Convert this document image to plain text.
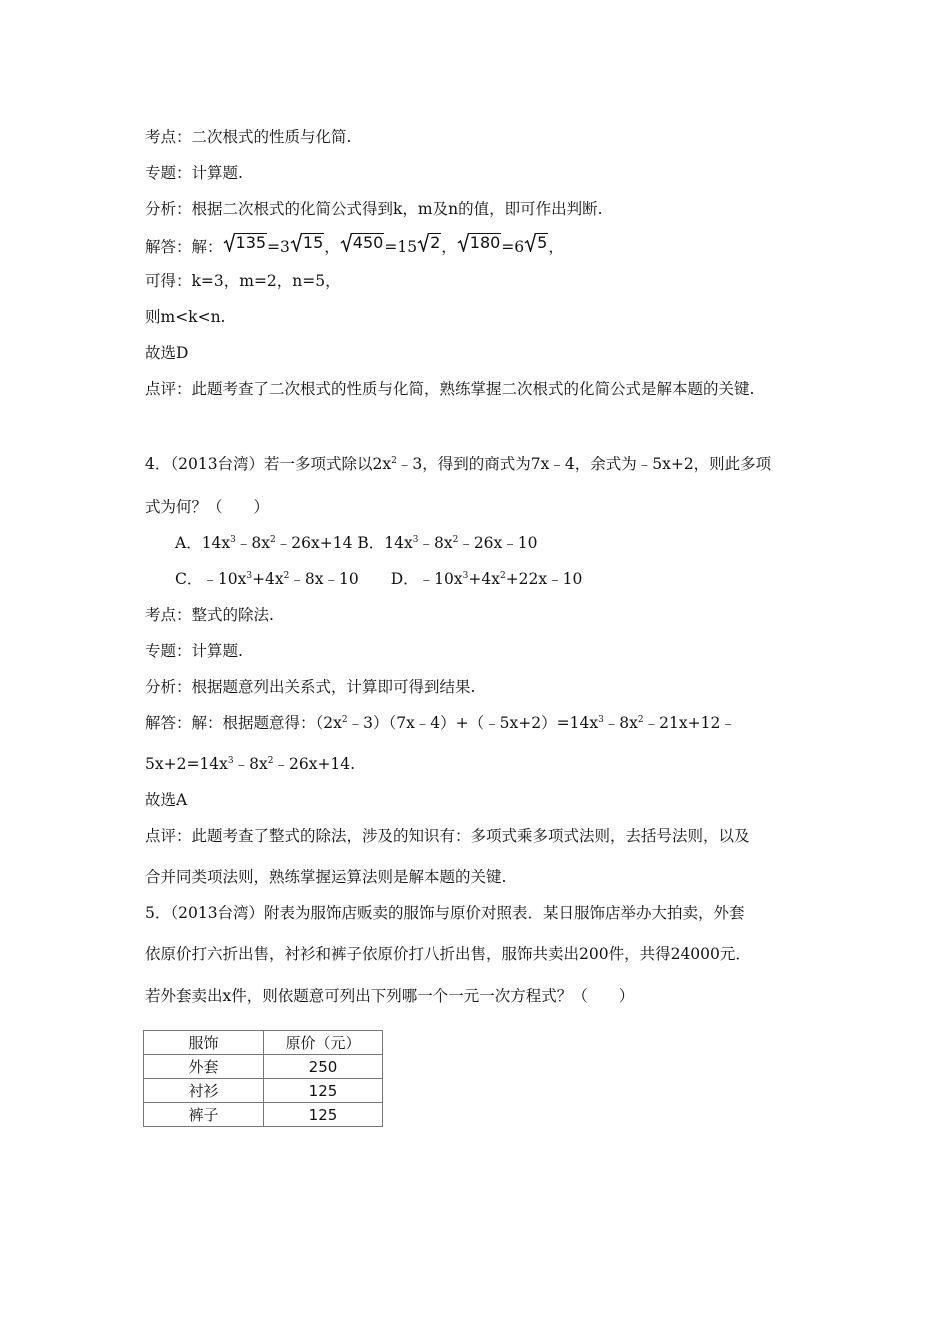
考点：二次根式的性质与化简.
专题：计算题.
分析：根据二次根式的化简公式得到k，m及n的值，即可作出判断.
解答：解： 135 =3 15 ， 450 =15 2 ， 180 =6 5 ，
可得：k=3，m=2，n=5，
则m<k<n.
故选D
点评：此题考查了二次根式的性质与化简，熟练掌握二次根式的化简公式是解本题的关键.
4．（2013台湾）若一多项式除以$2x^2﹣3$，得到的商式为7x﹣4，余式为﹣5x+2，则此多项
式为何？（　　）
A．$14x^3﹣8x^2﹣26x+14$ B．$14x^3﹣8x^2﹣26x﹣10$
C．$﹣10x^3+4x^2﹣8x﹣10$ D．$﹣10x^3+4x^2+22x﹣10$
考点：整式的除法.
专题：计算题.
分析：根据题意列出关系式，计算即可得到结果.
解答：解：根据题意得：$(2x^2﹣3)(7x﹣4)+(﹣5x+2)=14x^3﹣8x^2﹣21x+12﹣$
$5x+2=14x^3﹣8x^2﹣26x+14$.
故选A
点评：此题考查了整式的除法，涉及的知识有：多项式乘多项式法则，去括号法则，以及
合并同类项法则，熟练掌握运算法则是解本题的关键.
5．（2013台湾）附表为服饰店贩卖的服饰与原价对照表．某日服饰店举办大拍卖，外套
依原价打六折出售，衬衫和裤子依原价打八折出售，服饰共卖出200件，共得24000元．
若外套卖出x件，则依题意可列出下列哪一个一元一次方程式？（　　）
服饰	原价（元）
外套	250
衬衫	125
裤子	125
